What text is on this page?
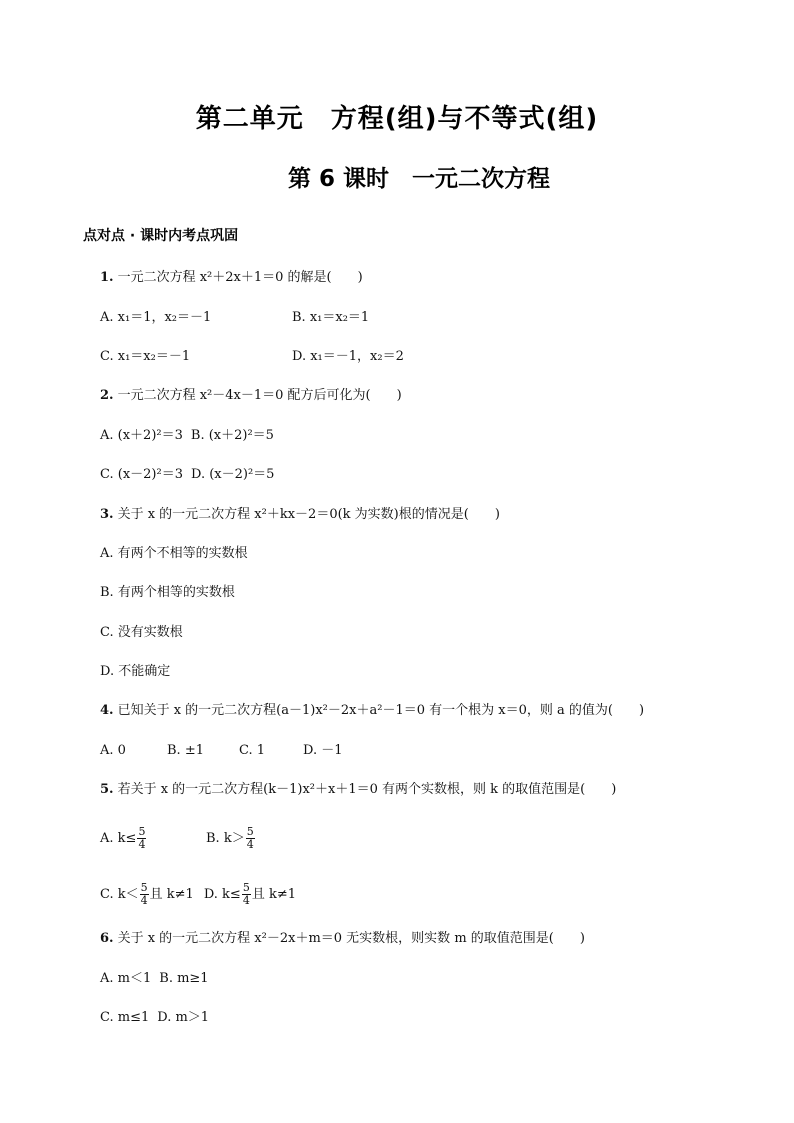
第二单元　方程(组)与不等式(组)
第 6 课时　一元二次方程
点对点 · 课时内考点巩固
1. 一元二次方程 x²＋2x＋1＝0 的解是(　　)
A. x₁＝1，x₂＝－1	B. x₁＝x₂＝1
C. x₁＝x₂＝－1	D. x₁＝－1，x₂＝2
2. 一元二次方程 x²－4x－1＝0 配方后可化为(　　)
A. (x＋2)²＝3 B. (x＋2)²＝5
C. (x－2)²＝3 D. (x－2)²＝5
3. 关于 x 的一元二次方程 x²＋kx－2＝0(k 为实数)根的情况是(　　)
A. 有两个不相等的实数根
B. 有两个相等的实数根
C. 没有实数根
D. 不能确定
4. 已知关于 x 的一元二次方程(a－1)x²－2x＋a²－1＝0 有一个根为 x＝0，则 a 的值为(　　)
A. 0	B. ±1	C. 1	D. －1
5. 若关于 x 的一元二次方程(k－1)x²＋x＋1＝0 有两个实数根，则 k 的取值范围是(　　)
A. $k\le \frac{5}{4}$	B. $k> \frac{5}{4}$
C. $k< \frac{5}{4}$ 且 k≠1 D. $k\le \frac{5}{4}$ 且 k≠1
6. 关于 x 的一元二次方程 x²－2x＋m＝0 无实数根，则实数 m 的取值范围是(　　)
A. m＜1 B. m≥1
C. m≤1 D. m＞1
